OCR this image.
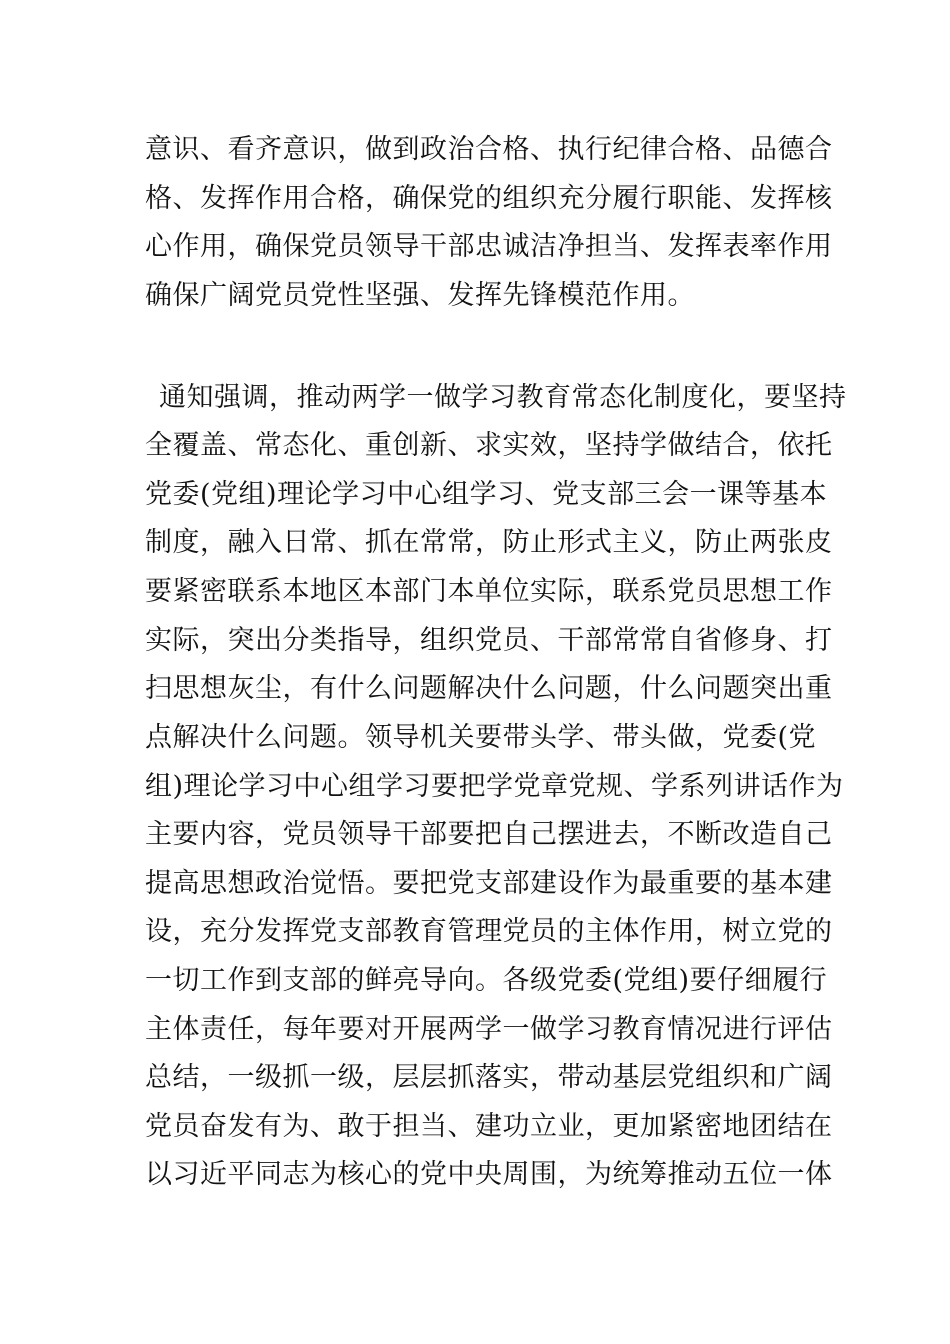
意识、看齐意识，做到政治合格、执行纪律合格、品德合
格、发挥作用合格，确保党的组织充分履行职能、发挥核
心作用，确保党员领导干部忠诚洁净担当、发挥表率作用
确保广阔党员党性坚强、发挥先锋模范作用。
通知强调，推动两学一做学习教育常态化制度化，要坚持
全覆盖、常态化、重创新、求实效，坚持学做结合，依托
党委(党组)理论学习中心组学习、党支部三会一课等基本
制度，融入日常、抓在常常，防止形式主义，防止两张皮
要紧密联系本地区本部门本单位实际，联系党员思想工作
实际，突出分类指导，组织党员、干部常常自省修身、打
扫思想灰尘，有什么问题解决什么问题，什么问题突出重
点解决什么问题。领导机关要带头学、带头做，党委(党
组)理论学习中心组学习要把学党章党规、学系列讲话作为
主要内容，党员领导干部要把自己摆进去，不断改造自己
提高思想政治觉悟。要把党支部建设作为最重要的基本建
设，充分发挥党支部教育管理党员的主体作用，树立党的
一切工作到支部的鲜亮导向。各级党委(党组)要仔细履行
主体责任，每年要对开展两学一做学习教育情况进行评估
总结，一级抓一级，层层抓落实，带动基层党组织和广阔
党员奋发有为、敢于担当、建功立业，更加紧密地团结在
以习近平同志为核心的党中央周围，为统筹推动五位一体
